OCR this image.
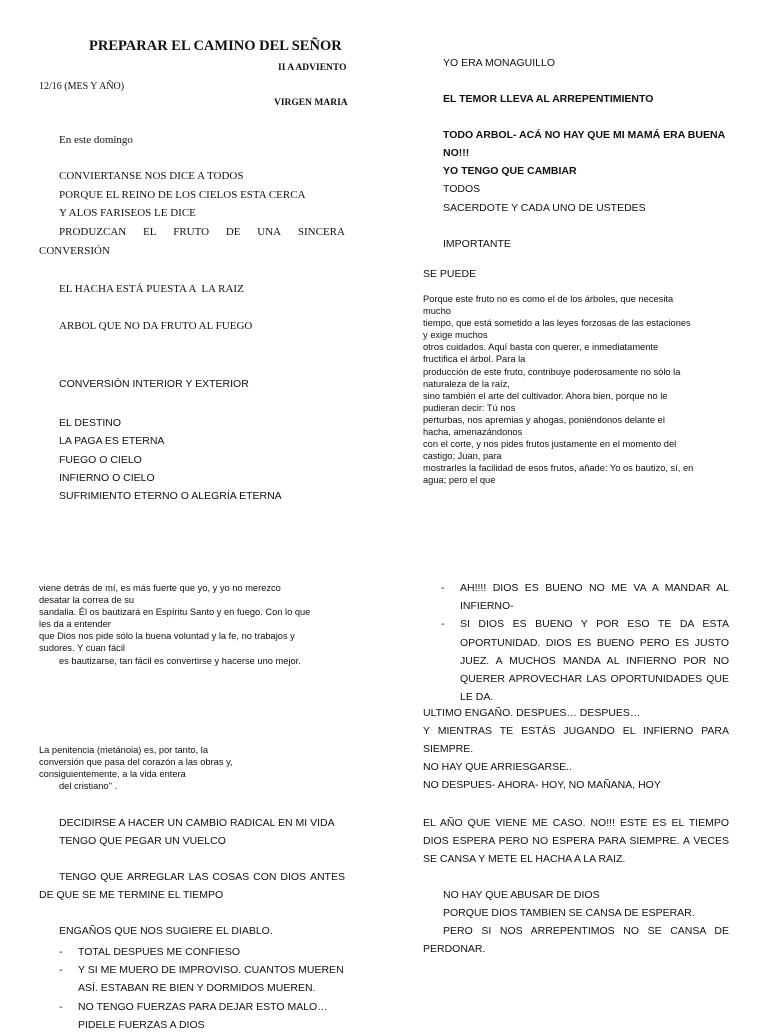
PREPARAR EL CAMINO DEL SEÑOR
II A ADVIENTO
12/16 (MES Y AÑO)
VIRGEN MARIA
En este domingo
CONVIERTANSE NOS DICE A TODOS
PORQUE EL REINO DE LOS CIELOS ESTA CERCA
Y ALOS FARISEOS LE DICE
PRODUZCAN EL FRUTO DE UNA SINCERA
CONVERSIÓN
EL HACHA ESTÁ PUESTA A  LA RAIZ
ARBOL QUE NO DA FRUTO AL FUEGO
CONVERSIÓN INTERIOR Y EXTERIOR
EL DESTINO
LA PAGA ES ETERNA
FUEGO O CIELO
INFIERNO O CIELO
SUFRIMIENTO ETERNO O ALEGRÍA ETERNA
YO ERA MONAGUILLO
EL TEMOR LLEVA AL ARREPENTIMIENTO
TODO ARBOL- ACÁ NO HAY QUE MI MAMÁ ERA BUENA
NO!!!
YO TENGO QUE CAMBIAR
TODOS
SACERDOTE Y CADA UNO DE USTEDES
IMPORTANTE
SE PUEDE
Porque este fruto no es como el de los árboles, que necesita
mucho
tiempo, que está sometido a las leyes forzosas de las estaciones
y exige muchos
otros cuidados. Aquí basta con querer, e inmediatamente
fructifica el árbol. Para la
producción de este fruto, contribuye poderosamente no sólo la
naturaleza de la raíz,
sino también el arte del cultivador. Ahora bien, porque no le
pudieran decir: Tú nos
perturbas, nos apremias y ahogas, poniéndonos delante el
hacha, amenazándonos
con el corte, y nos pides frutos justamente en el momento del
castigo; Juan, para
mostrarles la facilidad de esos frutos, añade: Yo os bautizo, sí, en
agua; pero el que
viene detrás de mí, es más fuerte que yo, y yo no merezco
desatar la correa de su
sandalia. Él os bautizará en Espíritu Santo y en fuego. Con lo que
les da a entender
que Dios nos pide sólo la buena voluntad y la fe, no trabajos y
sudores. Y cuan fácil
es bautizarse, tan fácil es convertirse y hacerse uno mejor.
La penitencia (metánoia) es, por tanto, la
conversión que pasa del corazón a las obras y,
consiguientemente, a la vida entera
del cristiano" .
DECIDIRSE A HACER UN CAMBIO RADICAL EN MI VIDA
TENGO QUE PEGAR UN VUELCO
TENGO QUE ARREGLAR LAS COSAS CON DIOS ANTES
DE QUE SE ME TERMINE EL TIEMPO
ENGAÑOS QUE NOS SUGIERE EL DIABLO.
- TOTAL DESPUES ME CONFIESO
- Y SI ME MUERO DE IMPROVISO. CUANTOS MUEREN
ASÍ. ESTABAN RE BIEN Y DORMIDOS MUEREN.
- NO TENGO FUERZAS PARA DEJAR ESTO MALO…
PIDELE FUERZAS A DIOS
- AH!!!! DIOS ES BUENO NO ME VA A MANDAR AL
INFIERNO-
- SI DIOS ES BUENO Y POR ESO TE DA ESTA
OPORTUNIDAD. DIOS ES BUENO PERO ES JUSTO
JUEZ. A MUCHOS MANDA AL INFIERNO POR NO
QUERER APROVECHAR LAS OPORTUNIDADES QUE
LE DA.
ULTIMO ENGAÑO. DESPUES… DESPUES…
Y MIENTRAS TE ESTÁS JUGANDO EL INFIERNO PARA
SIEMPRE.
NO HAY QUE ARRIESGARSE..
NO DESPUES- AHORA- HOY, NO MAÑANA, HOY
EL AÑO QUE VIENE ME CASO. NO!!! ESTE ES EL TIEMPO
DIOS ESPERA PERO NO ESPERA PARA SIEMPRE. A VECES
SE CANSA Y METE EL HACHA A LA RAIZ.
NO HAY QUE ABUSAR DE DIOS
PORQUE DIOS TAMBIEN SE CANSA DE ESPERAR.
PERO SI NOS ARREPENTIMOS NO SE CANSA DE
PERDONAR.
